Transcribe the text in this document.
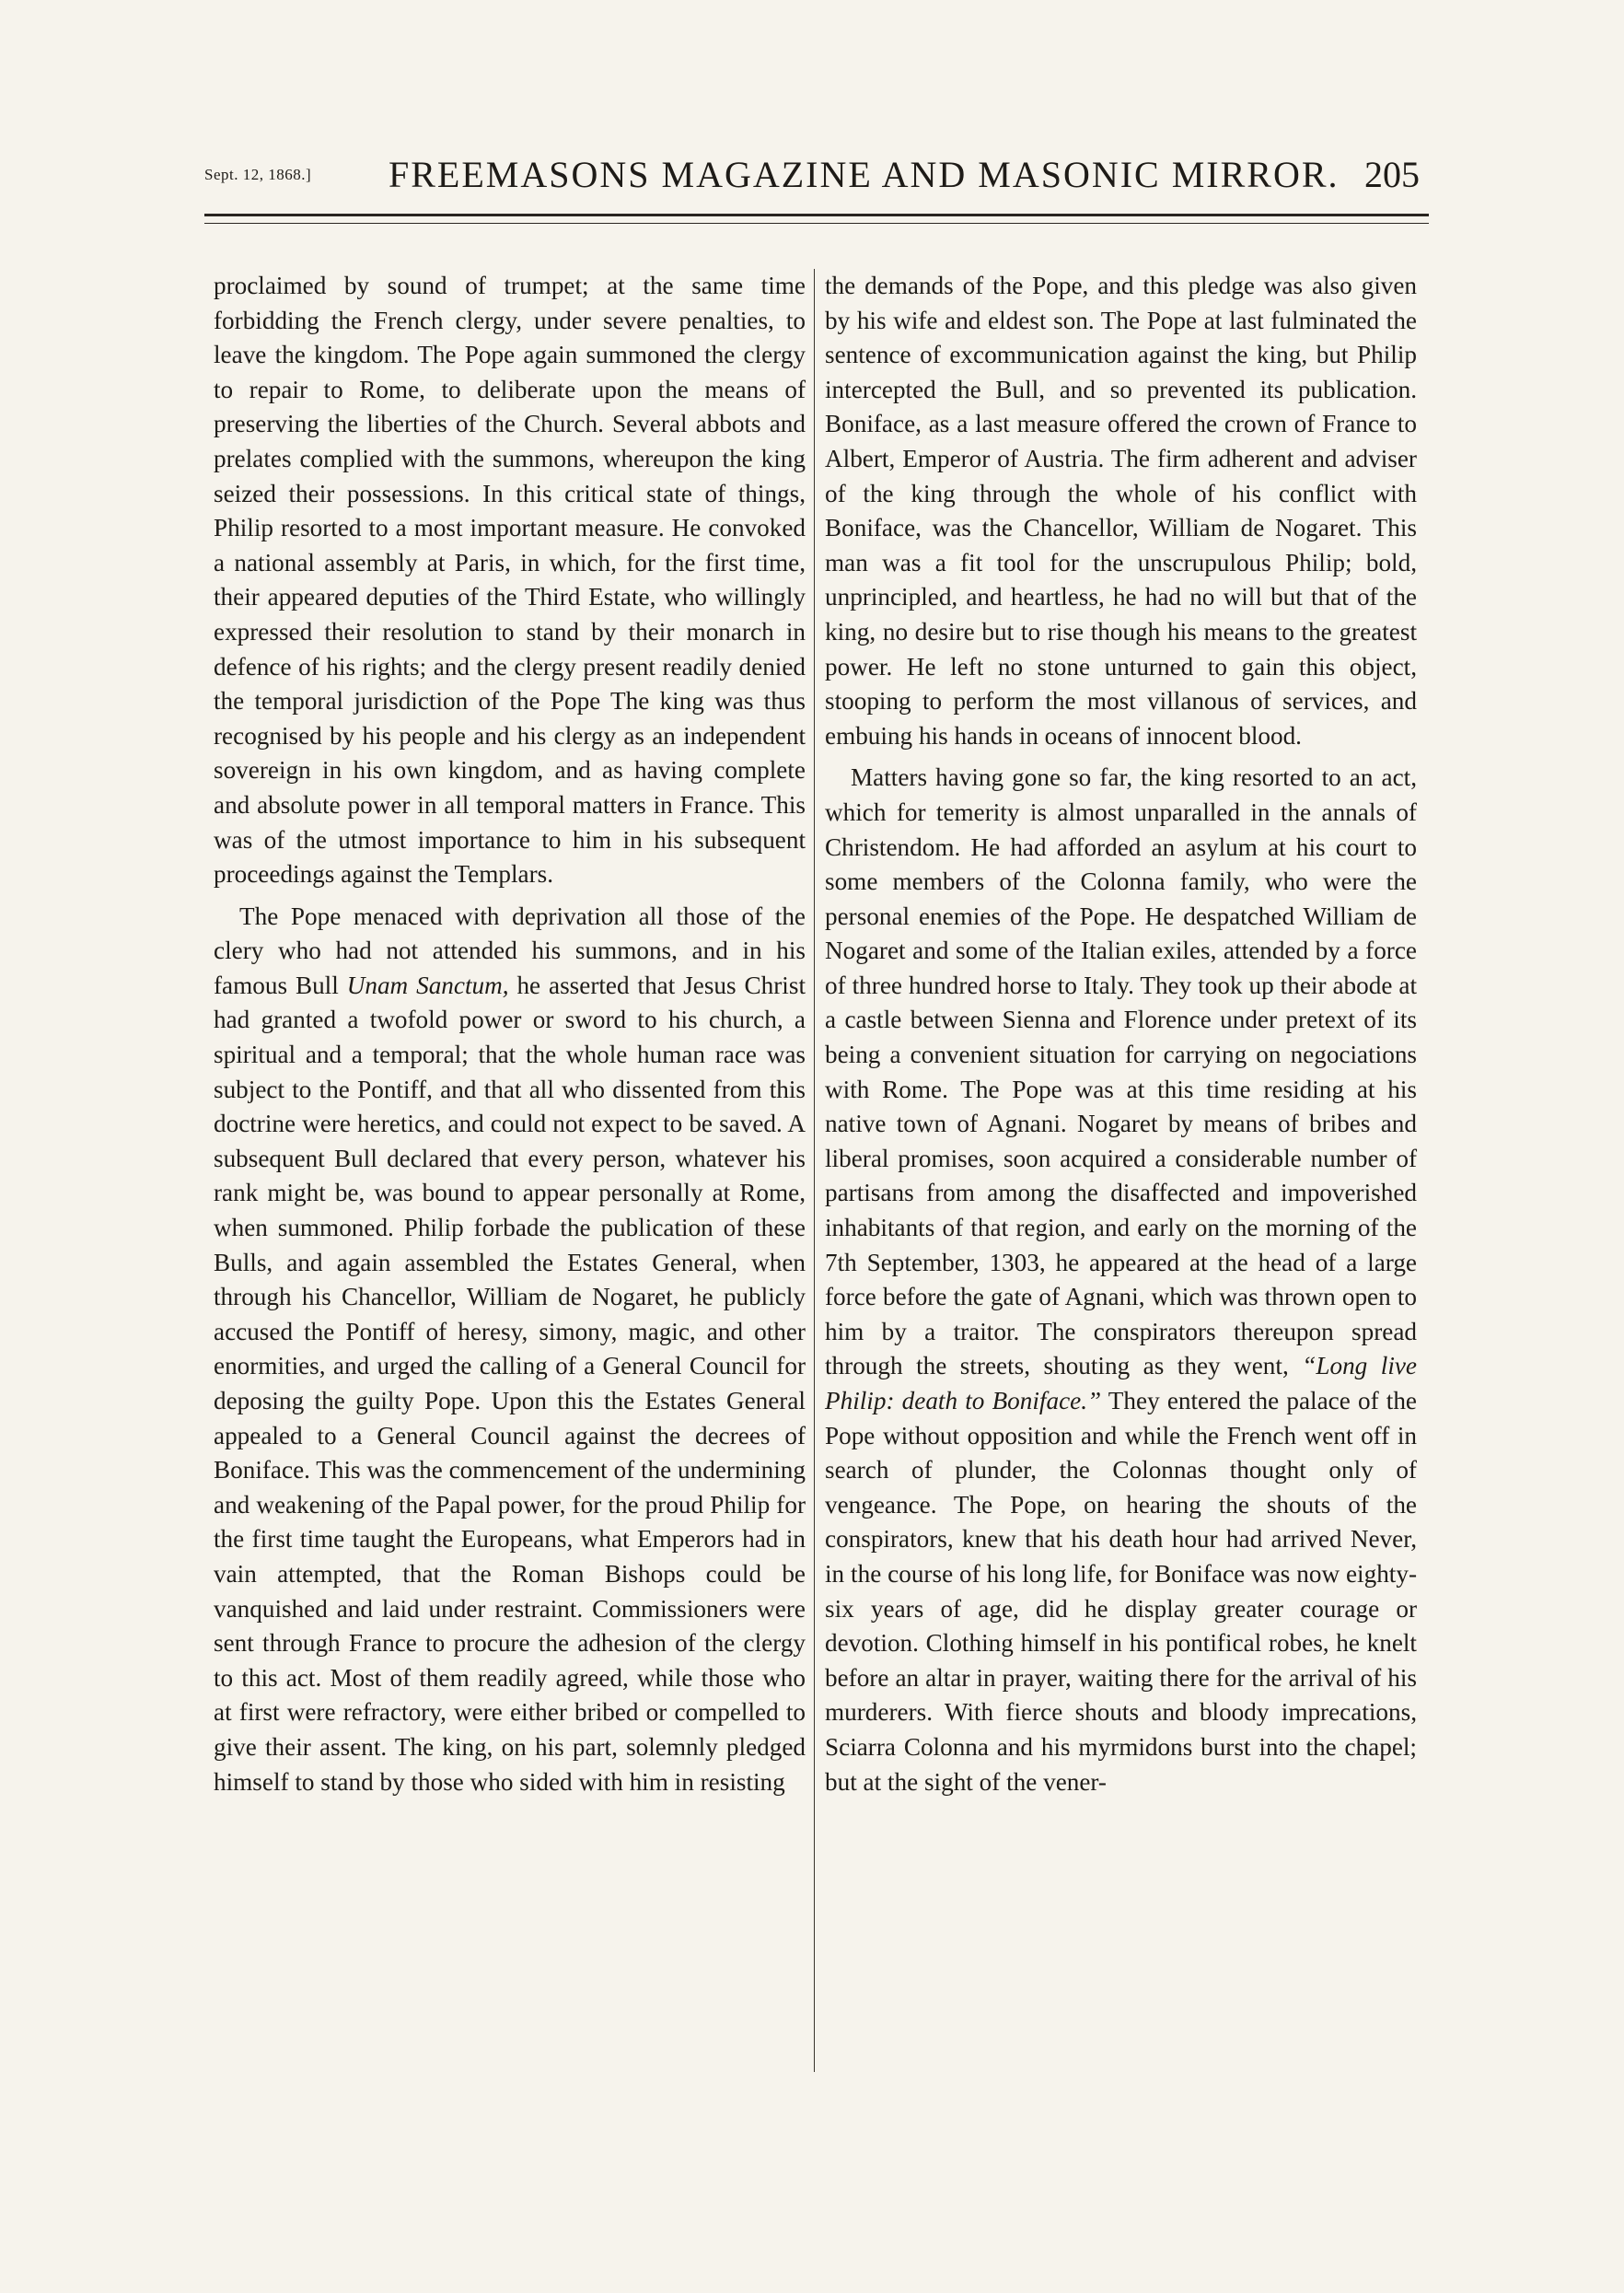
Sept. 12, 1868.] FREEMASONS MAGAZINE AND MASONIC MIRROR. 205

proclaimed by sound of trumpet; at the same time forbidding the French clergy, under severe penalties, to leave the kingdom. The Pope again summoned the clergy to repair to Rome, to deliberate upon the means of preserving the liberties of the Church. Several abbots and prelates complied with the summons, whereupon the king seized their possessions. In this critical state of things, Philip resorted to a most important measure. He convoked a national assembly at Paris, in which, for the first time, their appeared deputies of the Third Estate, who willingly expressed their resolution to stand by their monarch in defence of his rights; and the clergy present readily denied the temporal jurisdiction of the Pope The king was thus recognised by his people and his clergy as an independent sovereign in his own kingdom, and as having complete and absolute power in all temporal matters in France. This was of the utmost importance to him in his subsequent proceedings against the Templars.

The Pope menaced with deprivation all those of the clery who had not attended his summons, and in his famous Bull Unam Sanctum, he asserted that Jesus Christ had granted a twofold power or sword to his church, a spiritual and a temporal; that the whole human race was subject to the Pontiff, and that all who dissented from this doctrine were heretics, and could not expect to be saved. A subsequent Bull declared that every person, whatever his rank might be, was bound to appear personally at Rome, when summoned. Philip forbade the publication of these Bulls, and again assembled the Estates General, when through his Chancellor, William de Nogaret, he publicly accused the Pontiff of heresy, simony, magic, and other enormities, and urged the calling of a General Council for deposing the guilty Pope. Upon this the Estates General appealed to a General Council against the decrees of Boniface. This was the commencement of the undermining and weakening of the Papal power, for the proud Philip for the first time taught the Europeans, what Emperors had in vain attempted, that the Roman Bishops could be vanquished and laid under restraint. Commissioners were sent through France to procure the adhesion of the clergy to this act. Most of them readily agreed, while those who at first were refractory, were either bribed or compelled to give their assent. The king, on his part, solemnly pledged himself to stand by those who sided with him in resisting

the demands of the Pope, and this pledge was also given by his wife and eldest son. The Pope at last fulminated the sentence of excommunication against the king, but Philip intercepted the Bull, and so prevented its publication. Boniface, as a last measure offered the crown of France to Albert, Emperor of Austria. The firm adherent and adviser of the king through the whole of his conflict with Boniface, was the Chancellor, William de Nogaret. This man was a fit tool for the unscrupulous Philip; bold, unprincipled, and heartless, he had no will but that of the king, no desire but to rise though his means to the greatest power. He left no stone unturned to gain this object, stooping to perform the most villanous of services, and embuing his hands in oceans of innocent blood.

Matters having gone so far, the king resorted to an act, which for temerity is almost unparalled in the annals of Christendom. He had afforded an asylum at his court to some members of the Colonna family, who were the personal enemies of the Pope. He despatched William de Nogaret and some of the Italian exiles, attended by a force of three hundred horse to Italy. They took up their abode at a castle between Sienna and Florence under pretext of its being a convenient situation for carrying on negociations with Rome. The Pope was at this time residing at his native town of Agnani. Nogaret by means of bribes and liberal promises, soon acquired a considerable number of partisans from among the disaffected and impoverished inhabitants of that region, and early on the morning of the 7th September, 1303, he appeared at the head of a large force before the gate of Agnani, which was thrown open to him by a traitor. The conspirators thereupon spread through the streets, shouting as they went, “Long live Philip: death to Boniface.” They entered the palace of the Pope without opposition and while the French went off in search of plunder, the Colonnas thought only of vengeance. The Pope, on hearing the shouts of the conspirators, knew that his death hour had arrived Never, in the course of his long life, for Boniface was now eighty-six years of age, did he display greater courage or devotion. Clothing himself in his pontifical robes, he knelt before an altar in prayer, waiting there for the arrival of his murderers. With fierce shouts and bloody imprecations, Sciarra Colonna and his myrmidons burst into the chapel; but at the sight of the vener-
